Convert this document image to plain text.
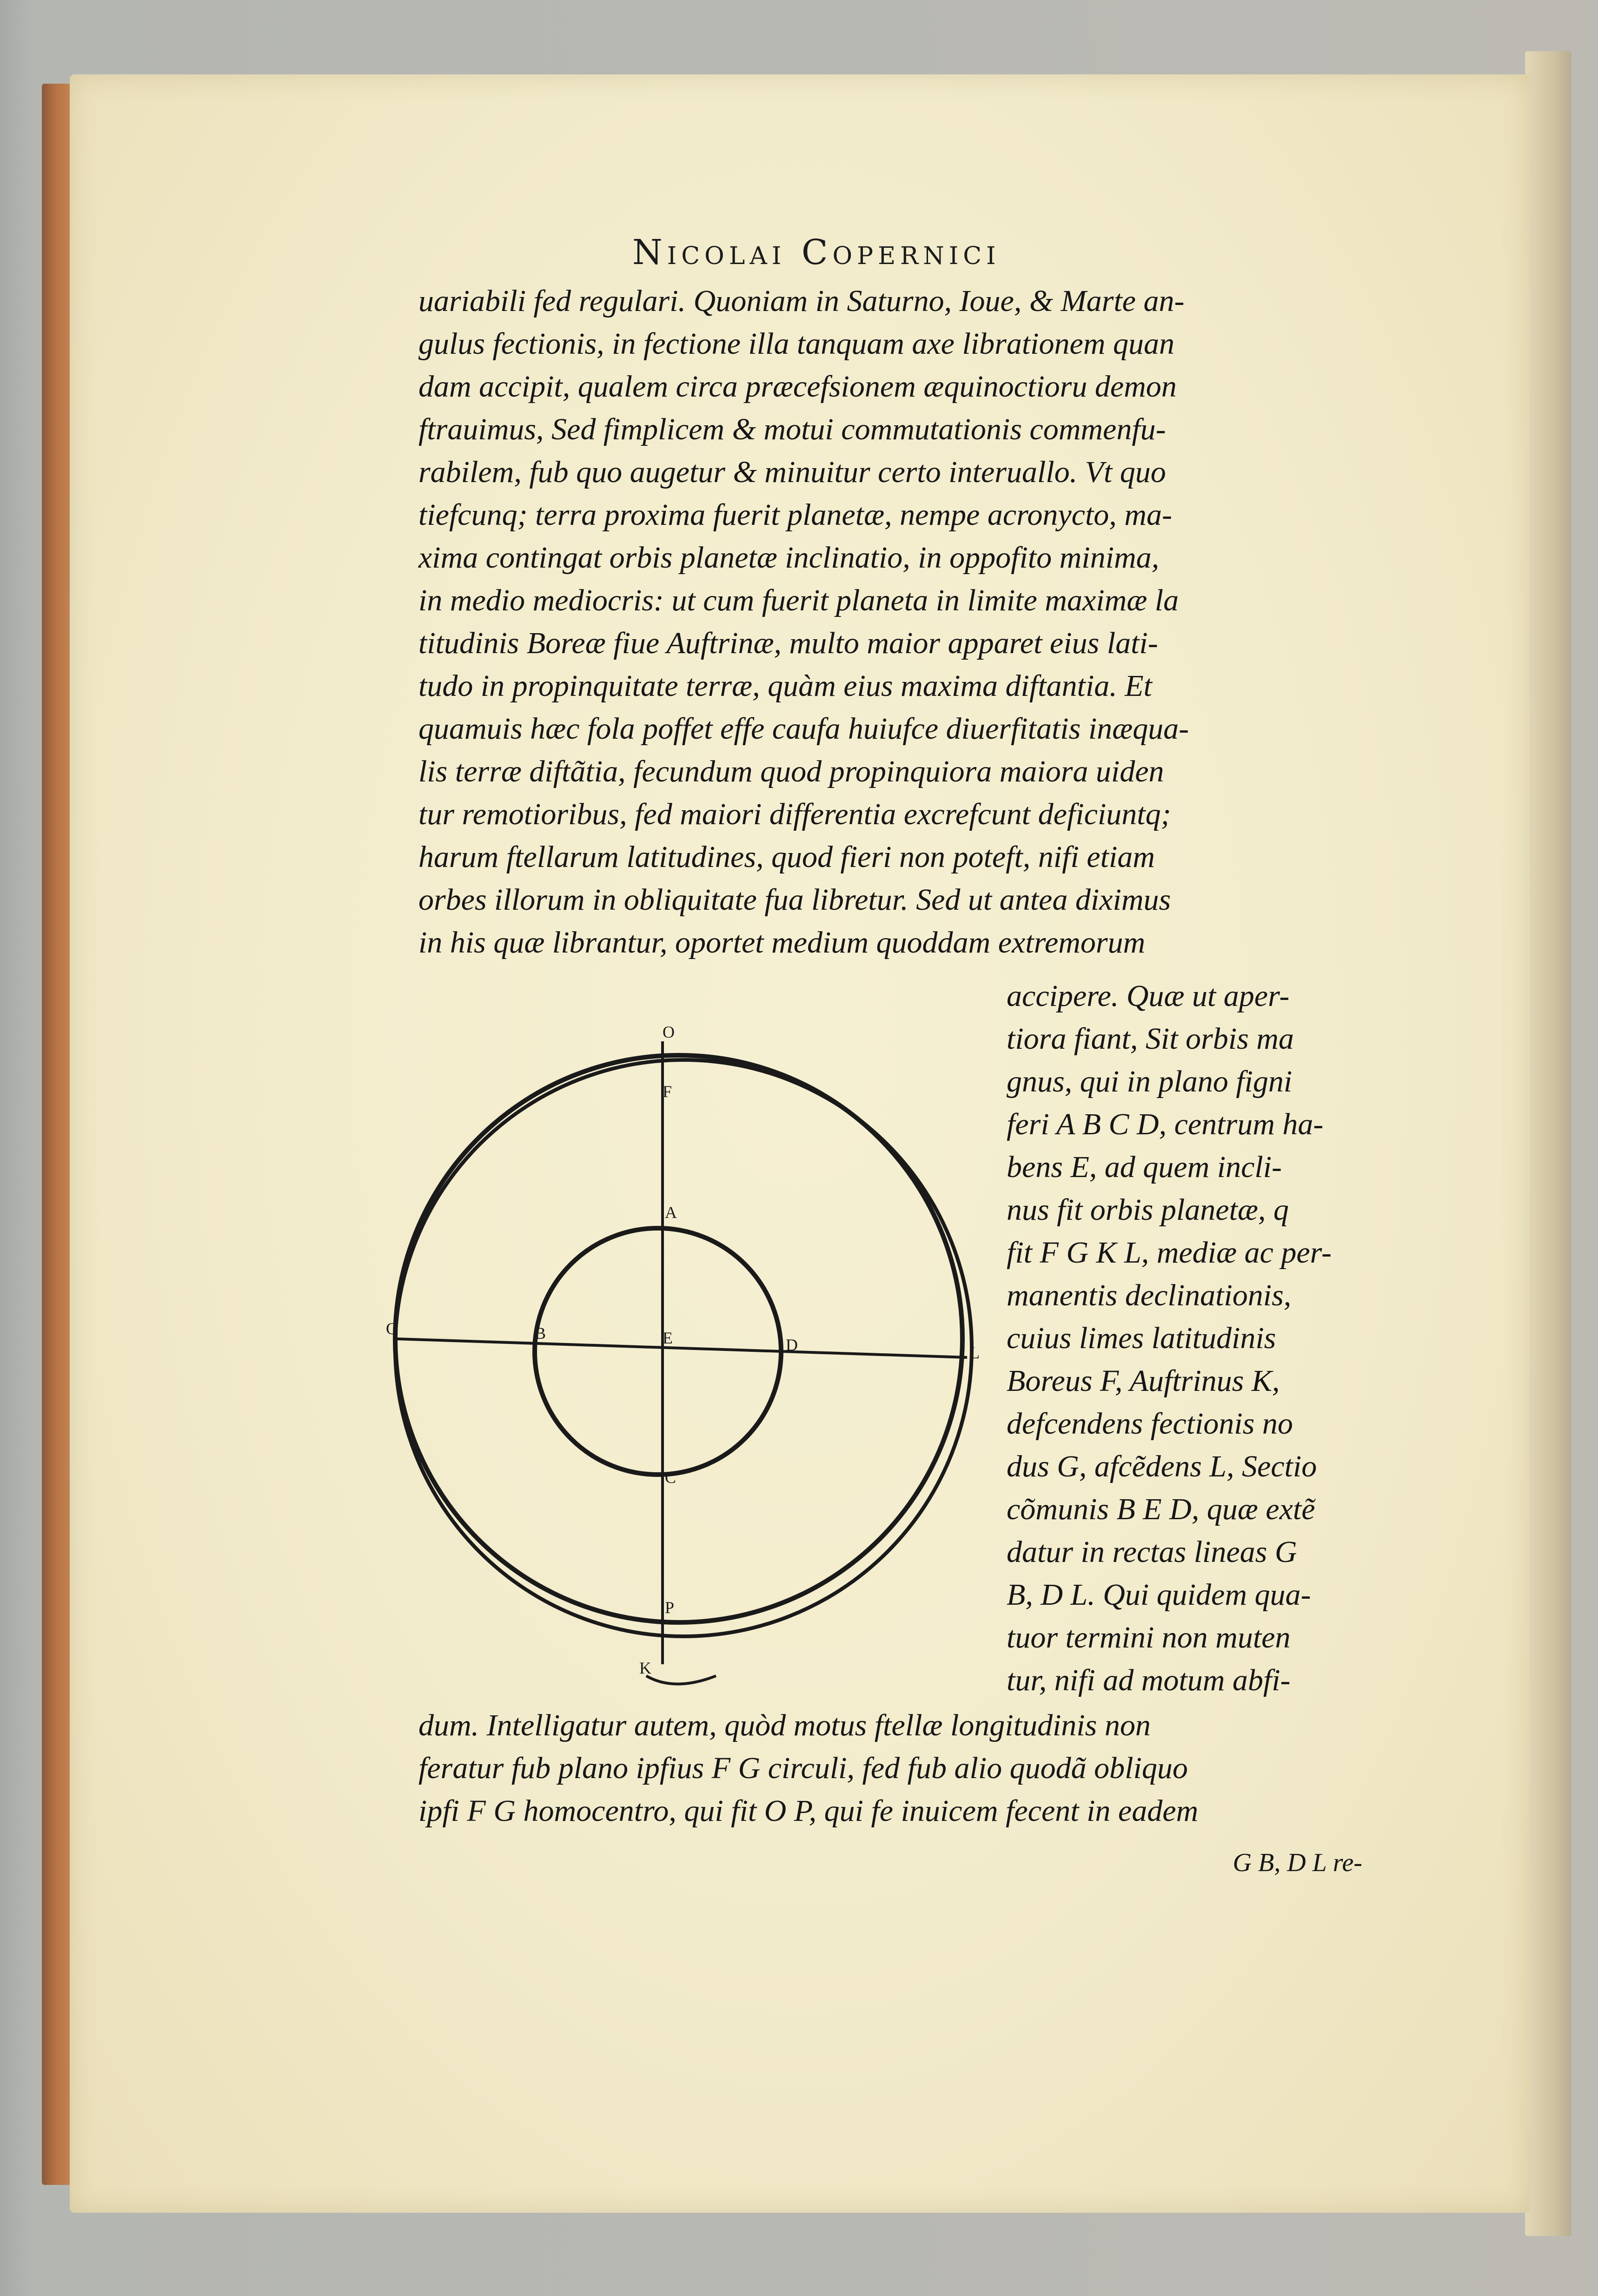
Nicolai Copernici
uariabili fed regulari. Quoniam in Saturno, Ioue, & Marte an-
gulus fectionis, in fectione illa tanquam axe librationem quan
dam accipit, qualem circa præcefsionem æquinoctioru demon
ftrauimus, Sed fimplicem & motui commutationis commenfu-
rabilem, fub quo augetur & minuitur certo interuallo. Vt quo
tiefcunq; terra proxima fuerit planetæ, nempe acronycto, ma-
xima contingat orbis planetæ inclinatio, in oppofito minima,
in medio mediocris: ut cum fuerit planeta in limite maximæ la
titudinis Boreæ fiue Auftrinæ, multo maior apparet eius lati-
tudo in propinquitate terræ, quàm eius maxima diftantia. Et
quamuis hæc fola poffet effe caufa huiufce diuerfitatis inæqua-
lis terræ diftãtia, fecundum quod propinquiora maiora uiden
tur remotioribus, fed maiori differentia excrefcunt deficiuntq;
harum ftellarum latitudines, quod fieri non poteft, nifi etiam
orbes illorum in obliquitate fua libretur. Sed ut antea diximus
in his quæ librantur, oportet medium quoddam extremorum
accipere. Quæ ut aper-
tiora fiant, Sit orbis ma
gnus, qui in plano figni
feri A B C D, centrum ha-
bens E, ad quem incli-
nus fit orbis planetæ, q
fit F G K L, mediæ ac per-
manentis declinationis,
cuius limes latitudinis
Boreus F, Auftrinus K,
defcendens fectionis no
dus G, afcẽdens L, Sectio
cõmunis B E D, quæ extẽ
datur in rectas lineas G
B, D L. Qui quidem qua-
tuor termini non muten
tur, nifi ad motum abfi-
dum. Intelligatur autem, quòd motus ftellæ longitudinis non
feratur fub plano ipfius F G circuli, fed fub alio quodã obliquo
ipfi F G homocentro, qui fit O P, qui fe inuicem fecent in eadem
G B, D L re-
O
F
A
G	B	E	D	L
C
P
K
